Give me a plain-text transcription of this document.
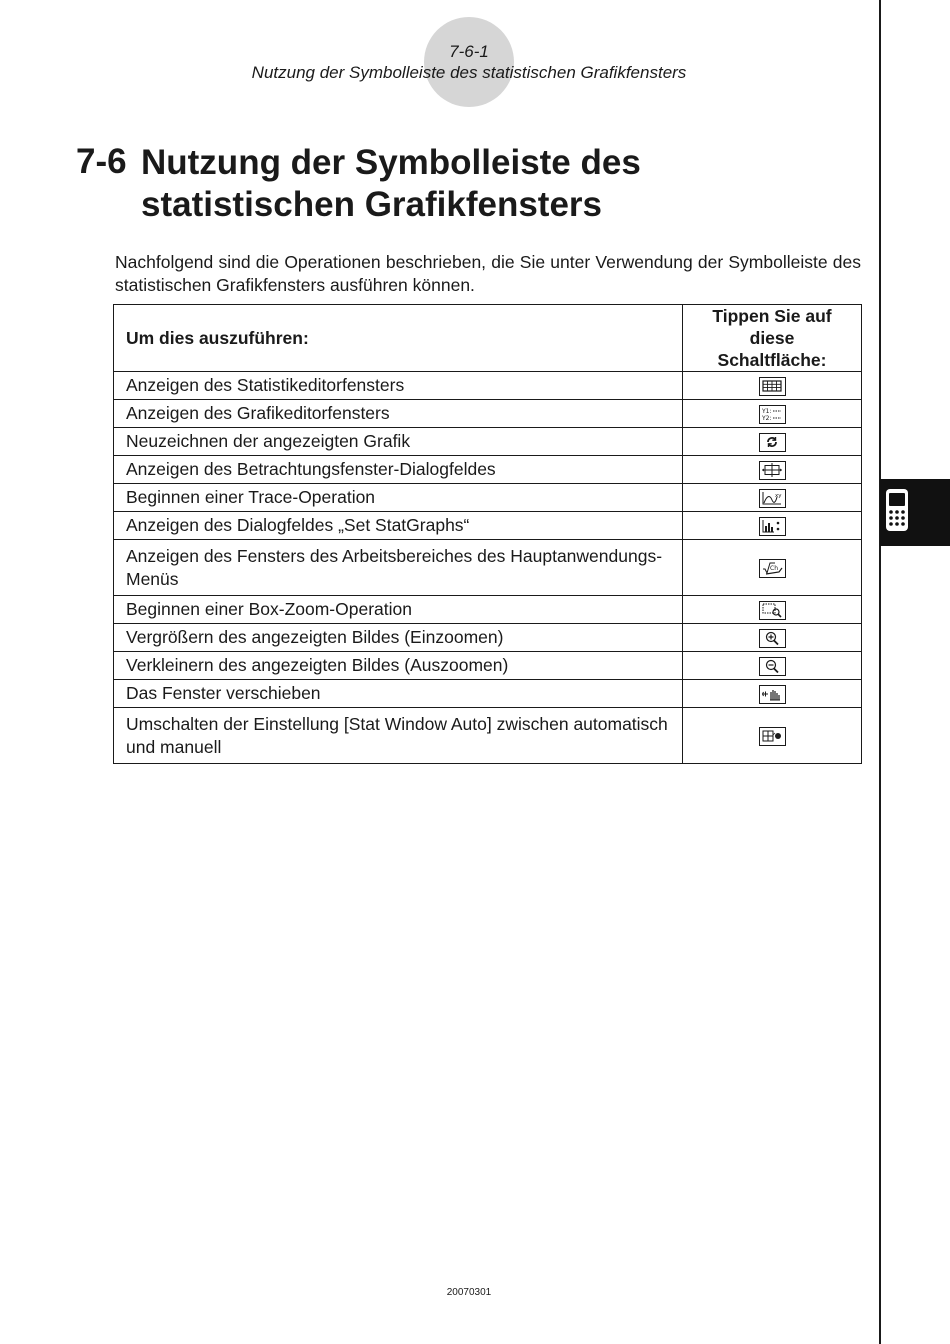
7-6-1
Nutzung der Symbolleiste des statistischen Grafikfensters
7-6 Nutzung der Symbolleiste des statistischen Grafikfensters
Nachfolgend sind die Operationen beschrieben, die Sie unter Verwendung der Symbolleiste des statistischen Grafikfensters ausführen können.
Um dies auszuführen:	Tippen Sie auf
diese Schaltfläche:
Anzeigen des Statistikeditorfensters	

Anzeigen des Grafikeditorfensters	Y1:
Y2:

Neuzeichnen der angezeigten Grafik	

Anzeigen des Betrachtungsfenster-Dialogfeldes	

Beginnen einer Trace-Operation	xy

Anzeigen des Dialogfeldes „Set StatGraphs“	

Anzeigen des Fensters des Arbeitsbereiches des Hauptanwendungs-Menüs	Ch

Beginnen einer Box-Zoom-Operation	

Vergrößern des angezeigten Bildes (Einzoomen)	

Verkleinern des angezeigten Bildes (Auszoomen)	

Das Fenster verschieben	

Umschalten der Einstellung [Stat Window Auto] zwischen automatisch und manuell	
20070301
